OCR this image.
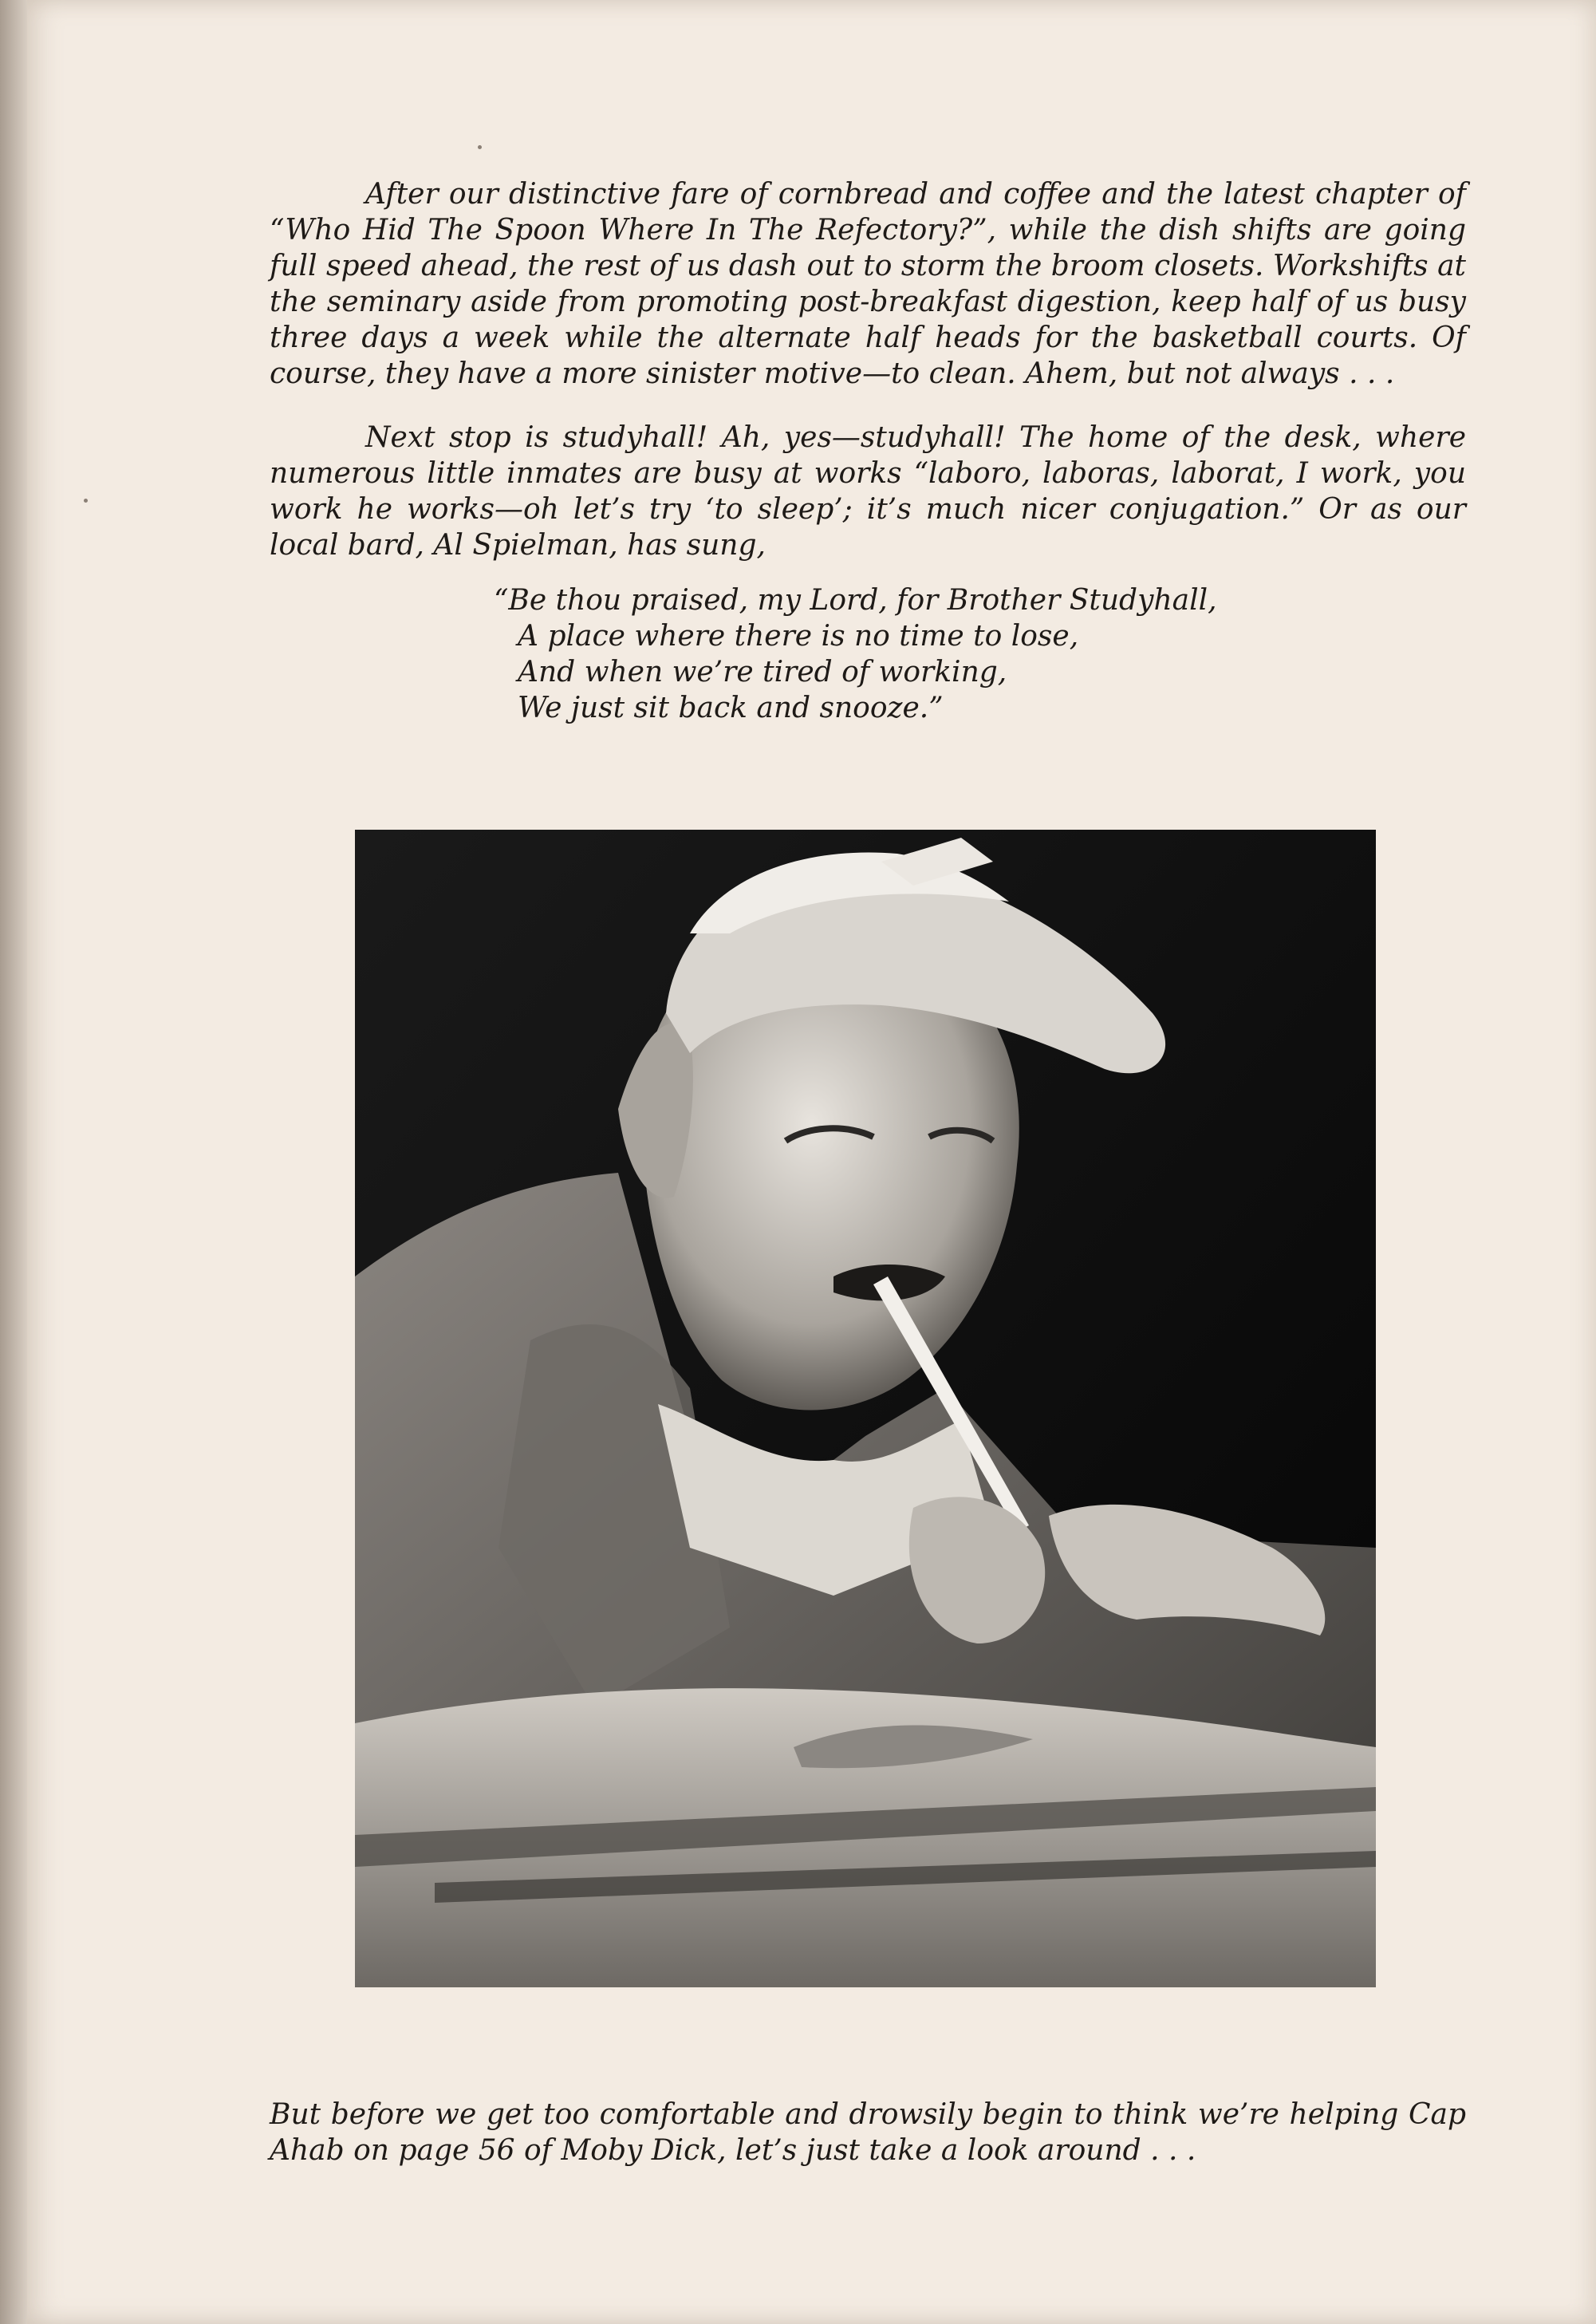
After our distinctive fare of cornbread and coffee and the latest chapter of “Who Hid The Spoon Where In The Refectory?”, while the dish shifts are going full speed ahead, the rest of us dash out to storm the broom closets. Workshifts at the seminary aside from promoting post-breakfast digestion, keep half of us busy three days a week while the alternate half heads for the basketball courts. Of course, they have a more sinister motive—to clean. Ahem, but not always . . .

Next stop is studyhall! Ah, yes—studyhall! The home of the desk, where numerous little inmates are busy at works “laboro, laboras, laborat, I work, you work he works—oh let’s try ‘to sleep’; it’s much nicer conjugation.” Or as our local bard, Al Spielman, has sung,

“Be thou praised, my Lord, for Brother Studyhall,
A place where there is no time to lose,
And when we’re tired of working,
We just sit back and snooze.”

But before we get too comfortable and drowsily begin to think we’re helping Cap Ahab on page 56 of Moby Dick, let’s just take a look around . . .
